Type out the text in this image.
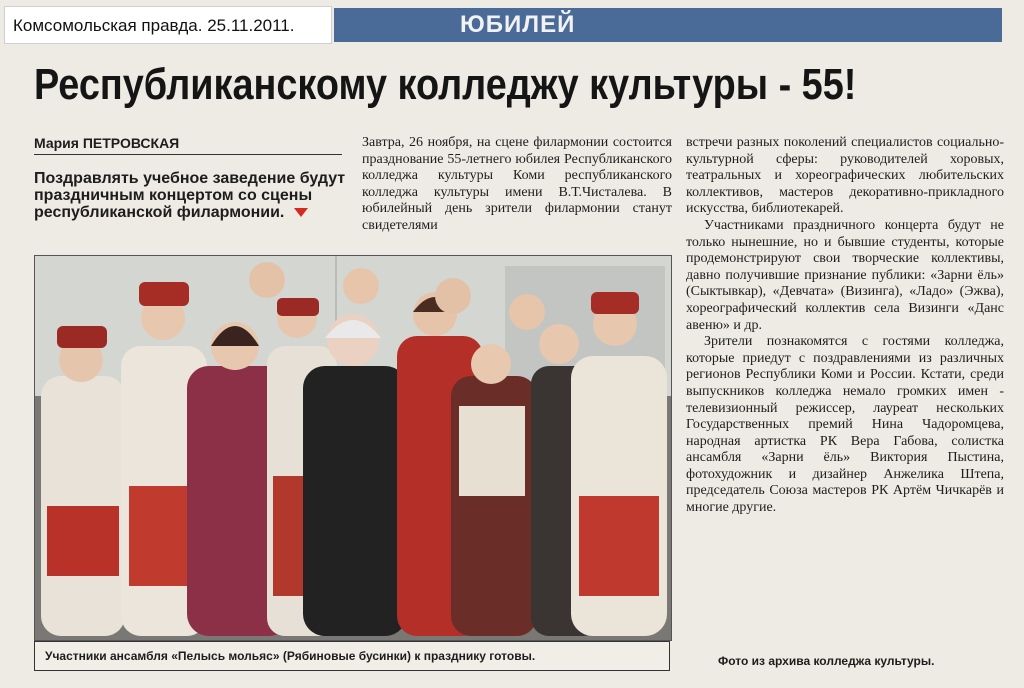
Комсомольская правда. 25.11.2011.	ЮБИЛЕЙ
Республиканскому колледжу культуры - 55!
Мария ПЕТРОВСКАЯ
Поздравлять учебное заведение будут праздничным концертом со сцены республиканской филармонии.

Завтра, 26 ноября, на сцене филармонии состоится празднование 55-летнего юбилея Республиканского колледжа культуры Коми республиканского колледжа культуры имени В.Т.Чисталева. В юбилейный день зрители филармонии станут свидетелями

встречи разных поколений специалистов социально-культурной сферы: руководителей хоровых, театральных и хореографических любительских коллективов, мастеров декоративно-прикладного искусства, библиотекарей.

Участниками праздничного концерта будут не только нынешние, но и бывшие студенты, которые продемонстрируют свои творческие коллективы, давно получившие признание публики: «Зарни ёль» (Сыктывкар), «Девчата» (Визинга), «Ладо» (Эжва), хореографический коллектив села Визинги «Данс авеню» и др.

Зрители познакомятся с гостями колледжа, которые приедут с поздравлениями из различных регионов Республики Коми и России. Кстати, среди выпускников колледжа немало громких имен - телевизионный режиссер, лауреат нескольких Государственных премий Нина Чадоромцева, народная артистка РК Вера Габова, солистка ансамбля «Зарни ёль» Виктория Пыстина, фотохудожник и дизайнер Анжелика Штепа, председатель Союза мастеров РК Артём Чичкарёв и многие другие.

Участники ансамбля «Пелысь мольяс» (Рябиновые бусинки) к празднику готовы.	Фото из архива колледжа культуры.
